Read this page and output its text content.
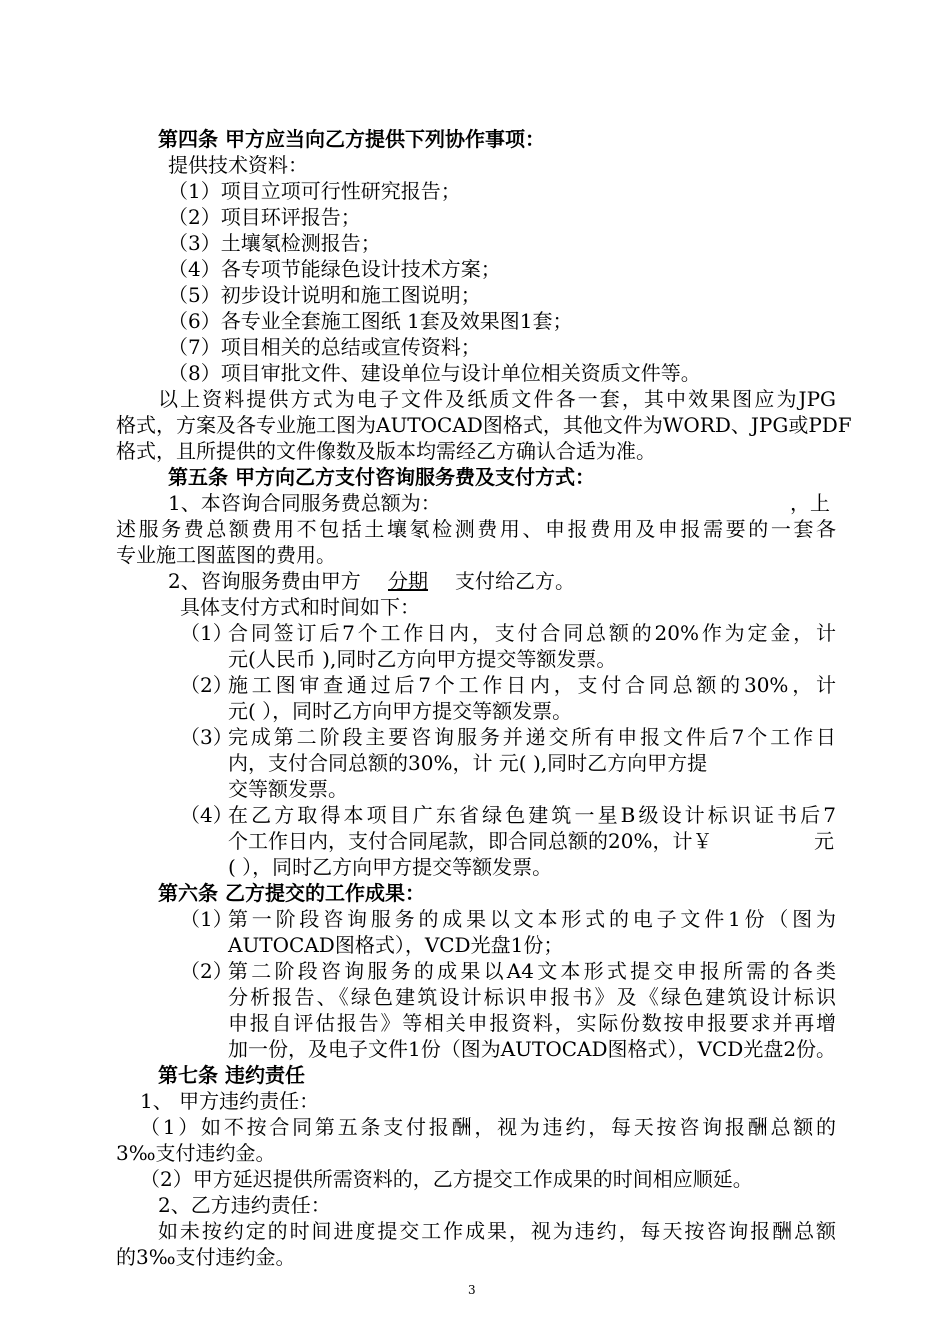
第四条 甲方应当向乙方提供下列协作事项：
提供技术资料：
（1）项目立项可行性研究报告；
（2）项目环评报告；
（3）土壤氡检测报告；
（4）各专项节能绿色设计技术方案；
（5）初步设计说明和施工图说明；
（6）各专业全套施工图纸 1套及效果图1套；
（7）项目相关的总结或宣传资料；
（8）项目审批文件、建设单位与设计单位相关资质文件等。
以上资料提供方式为电子文件及纸质文件各一套，其中效果图应为JPG
格式，方案及各专业施工图为AUTOCAD图格式，其他文件为WORD、JPG或PDF
格式，且所提供的文件像数及版本均需经乙方确认合适为准。
第五条 甲方向乙方支付咨询服务费及支付方式：
1、本咨询合同服务费总额为：	，上
述服务费总额费用不包括土壤氡检测费用、申报费用及申报需要的一套各
专业施工图蓝图的费用。
2、咨询服务费由甲方 分期	支付给乙方。
具体支付方式和时间如下：
（1）
合同签订后7个工作日内，支付合同总额的20%作为定金，计
元(人民币 ),同时乙方向甲方提交等额发票。
（2）
施工图审查通过后7个工作日内，支付合同总额的30%，计
元( ），同时乙方向甲方提交等额发票。
（3）
完成第二阶段主要咨询服务并递交所有申报文件后7个工作日
内，支付合同总额的30%，计 元( ),同时乙方向甲方提
交等额发票。
（4）
在乙方取得本项目广东省绿色建筑一星B级设计标识证书后7
个工作日内，支付合同尾款，即合同总额的20%，计￥	元
( ），同时乙方向甲方提交等额发票。
第六条 乙方提交的工作成果：
（1）
第一阶段咨询服务的成果以文本形式的电子文件1份（图为
AUTOCAD图格式），VCD光盘1份；
（2）
第二阶段咨询服务的成果以A4文本形式提交申报所需的各类
分析报告、《绿色建筑设计标识申报书》及《绿色建筑设计标识
申报自评估报告》等相关申报资料，实际份数按申报要求并再增
加一份，及电子文件1份（图为AUTOCAD图格式），VCD光盘2份。
第七条 违约责任
1、 甲方违约责任：
（1）如不按合同第五条支付报酬，视为违约，每天按咨询报酬总额的
3‰支付违约金。
（2）甲方延迟提供所需资料的，乙方提交工作成果的时间相应顺延。
2、乙方违约责任：
如未按约定的时间进度提交工作成果，视为违约，每天按咨询报酬总额
的3‰支付违约金。
3
